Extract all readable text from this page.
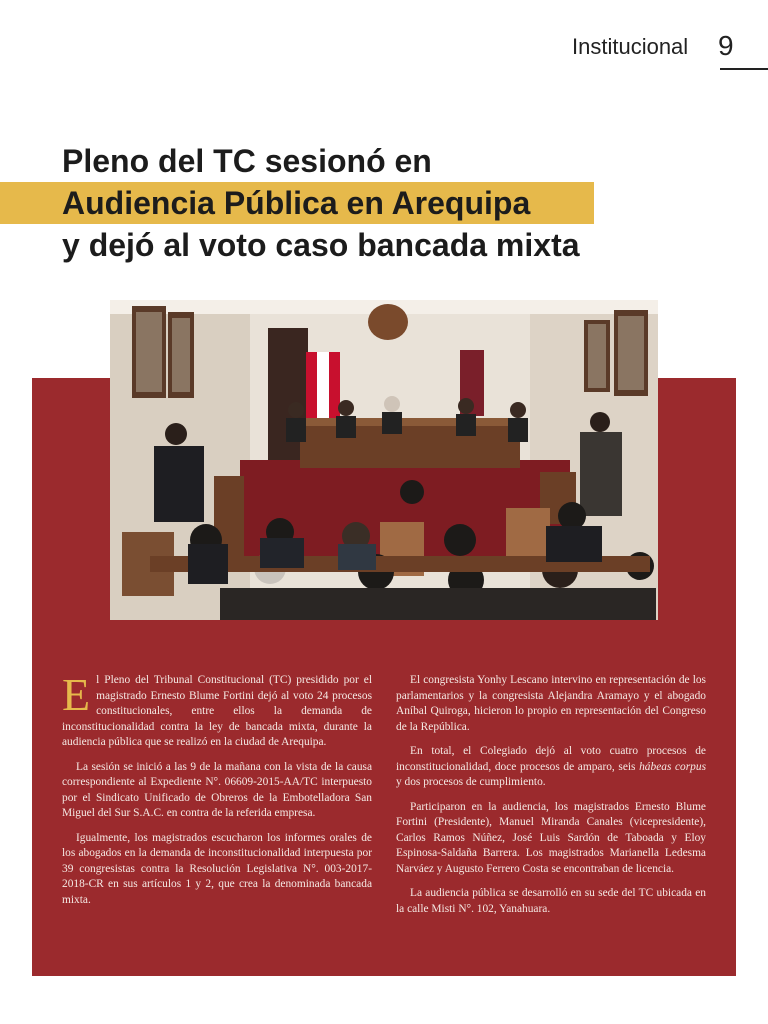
Institucional 9
Pleno del TC sesionó en
Audiencia Pública en Arequipa
y dejó al voto caso bancada mixta

El Pleno del Tribunal Constitucional (TC) presidido por el magistrado Ernesto Blume Fortini dejó al voto 24 procesos constitucionales, entre ellos la demanda de inconstitucionalidad contra la ley de bancada mixta, durante la audiencia pública que se realizó en la ciudad de Arequipa.

La sesión se inició a las 9 de la mañana con la vista de la causa correspondiente al Expediente N°. 06609-2015-AA/TC interpuesto por el Sindicato Unificado de Obreros de la Embotelladora San Miguel del Sur S.A.C. en contra de la referida empresa.

Igualmente, los magistrados escucharon los informes orales de los abogados en la demanda de inconstitucionalidad interpuesta por 39 congresistas contra la Resolución Legislativa N°. 003-2017-2018-CR en sus artículos 1 y 2, que crea la denominada bancada mixta.

El congresista Yonhy Lescano intervino en representación de los parlamentarios y la congresista Alejandra Aramayo y el abogado Aníbal Quiroga, hicieron lo propio en representación del Congreso de la República.

En total, el Colegiado dejó al voto cuatro procesos de inconstitucionalidad, doce procesos de amparo, seis hábeas corpus y dos procesos de cumplimiento.

Participaron en la audiencia, los magistrados Ernesto Blume Fortini (Presidente), Manuel Miranda Canales (vicepresidente), Carlos Ramos Núñez, José Luis Sardón de Taboada y Eloy Espinosa-Saldaña Barrera. Los magistrados Marianella Ledesma Narváez y Augusto Ferrero Costa se encontraban de licencia.

La audiencia pública se desarrolló en su sede del TC ubicada en la calle Misti N°. 102, Yanahuara.
